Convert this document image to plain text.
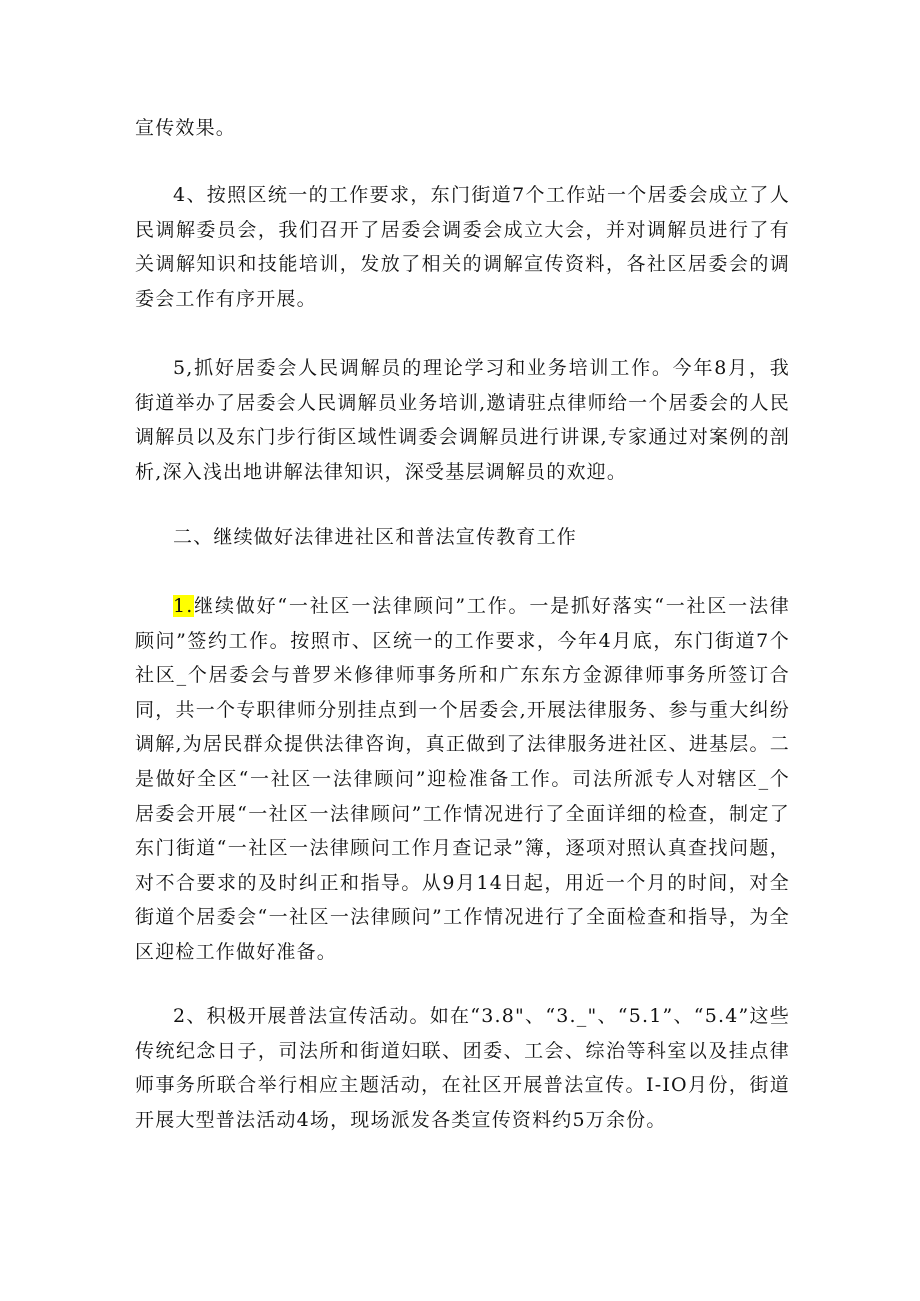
宣传效果。

4、按照区统一的工作要求，东门街道7个工作站一个居委会成立了人民调解委员会，我们召开了居委会调委会成立大会，并对调解员进行了有关调解知识和技能培训，发放了相关的调解宣传资料，各社区居委会的调委会工作有序开展。

5,抓好居委会人民调解员的理论学习和业务培训工作。今年8月，我街道举办了居委会人民调解员业务培训,邀请驻点律师给一个居委会的人民调解员以及东门步行街区域性调委会调解员进行讲课,专家通过对案例的剖析,深入浅出地讲解法律知识，深受基层调解员的欢迎。

二、继续做好法律进社区和普法宣传教育工作

1.继续做好“一社区一法律顾问”工作。一是抓好落实“一社区一法律顾问”签约工作。按照市、区统一的工作要求，今年4月底，东门街道7个社区_个居委会与普罗米修律师事务所和广东东方金源律师事务所签订合同，共一个专职律师分别挂点到一个居委会,开展法律服务、参与重大纠纷调解,为居民群众提供法律咨询，真正做到了法律服务进社区、进基层。二是做好全区“一社区一法律顾问”迎检准备工作。司法所派专人对辖区_个居委会开展“一社区一法律顾问”工作情况进行了全面详细的检查，制定了东门街道“一社区一法律顾问工作月查记录”簿，逐项对照认真查找问题，对不合要求的及时纠正和指导。从9月14日起，用近一个月的时间，对全街道个居委会“一社区一法律顾问”工作情况进行了全面检查和指导，为全区迎检工作做好准备。

2、积极开展普法宣传活动。如在“3.8"、“3._"、“5.1”、“5.4”这些传统纪念日子，司法所和街道妇联、团委、工会、综治等科室以及挂点律师事务所联合举行相应主题活动，在社区开展普法宣传。I-IO月份，街道开展大型普法活动4场，现场派发各类宣传资料约5万余份。
